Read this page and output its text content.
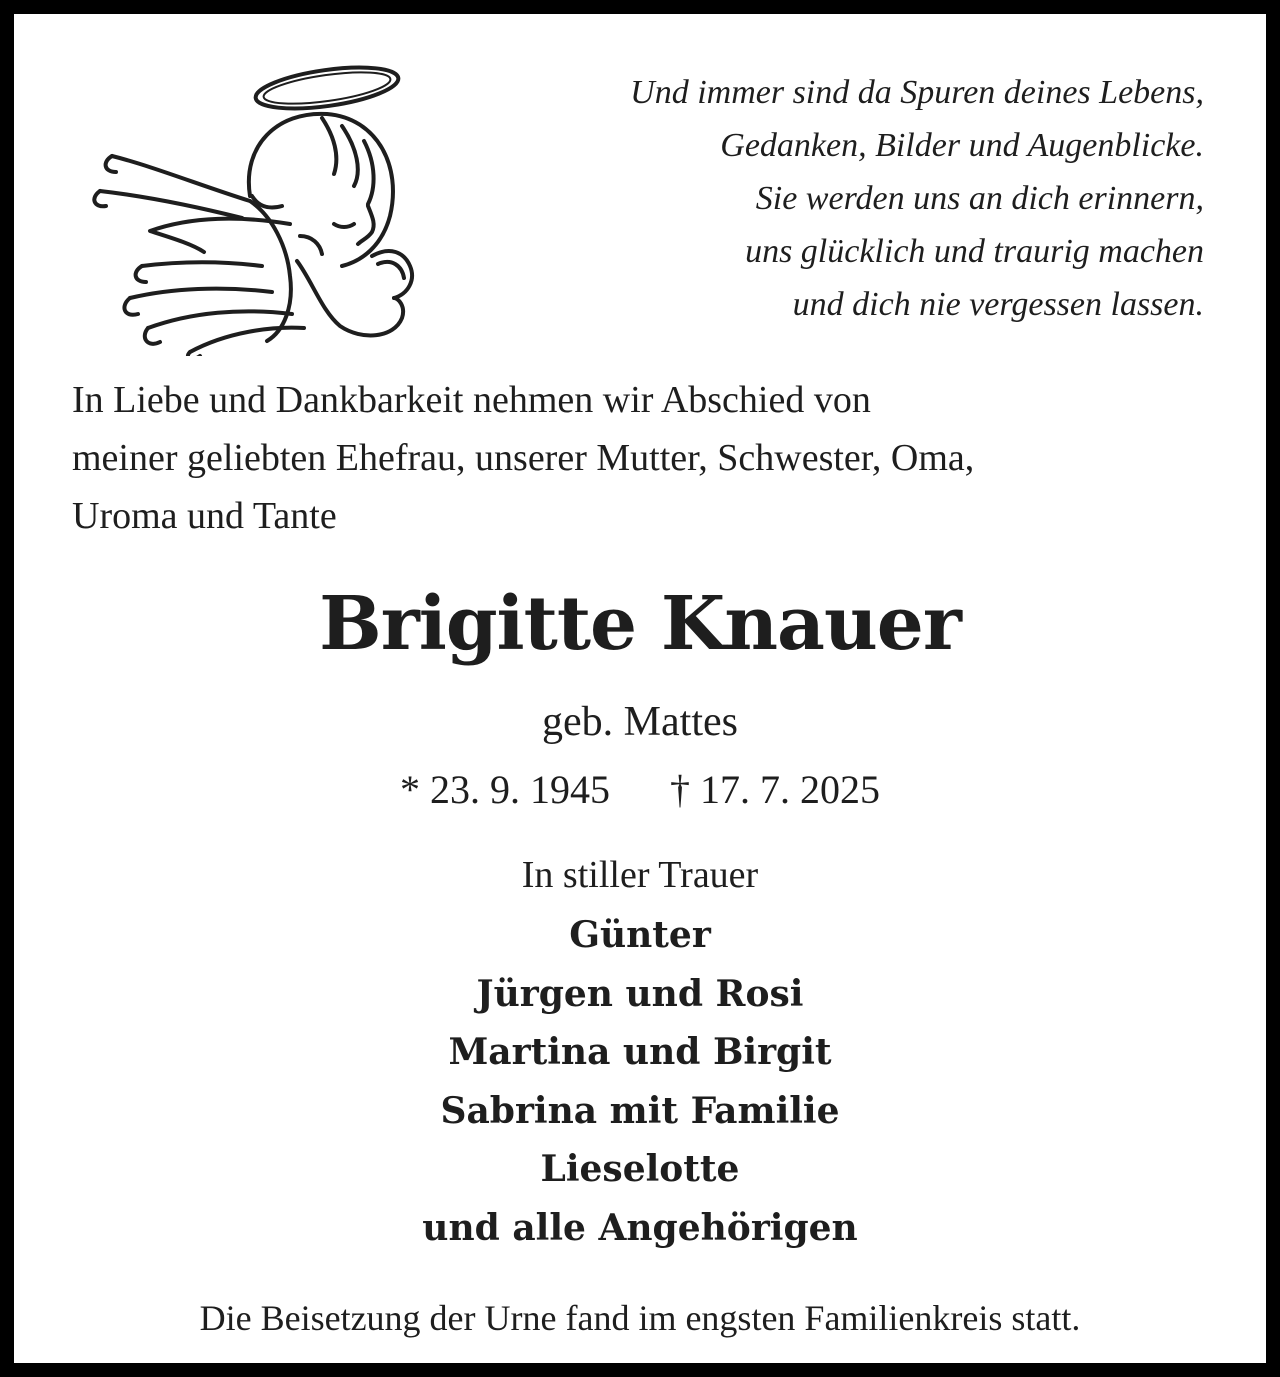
Und immer sind da Spuren deines Lebens,
Gedanken, Bilder und Augenblicke.
Sie werden uns an dich erinnern,
uns glücklich und traurig machen
und dich nie vergessen lassen.
In Liebe und Dankbarkeit nehmen wir Abschied von
meiner geliebten Ehefrau, unserer Mutter, Schwester, Oma,
Uroma und Tante
Brigitte Knauer
geb. Mattes
* 23. 9. 1945 † 17. 7. 2025
In stiller Trauer
Günter
Jürgen und Rosi
Martina und Birgit
Sabrina mit Familie
Lieselotte
und alle Angehörigen
Die Beisetzung der Urne fand im engsten Familienkreis statt.
